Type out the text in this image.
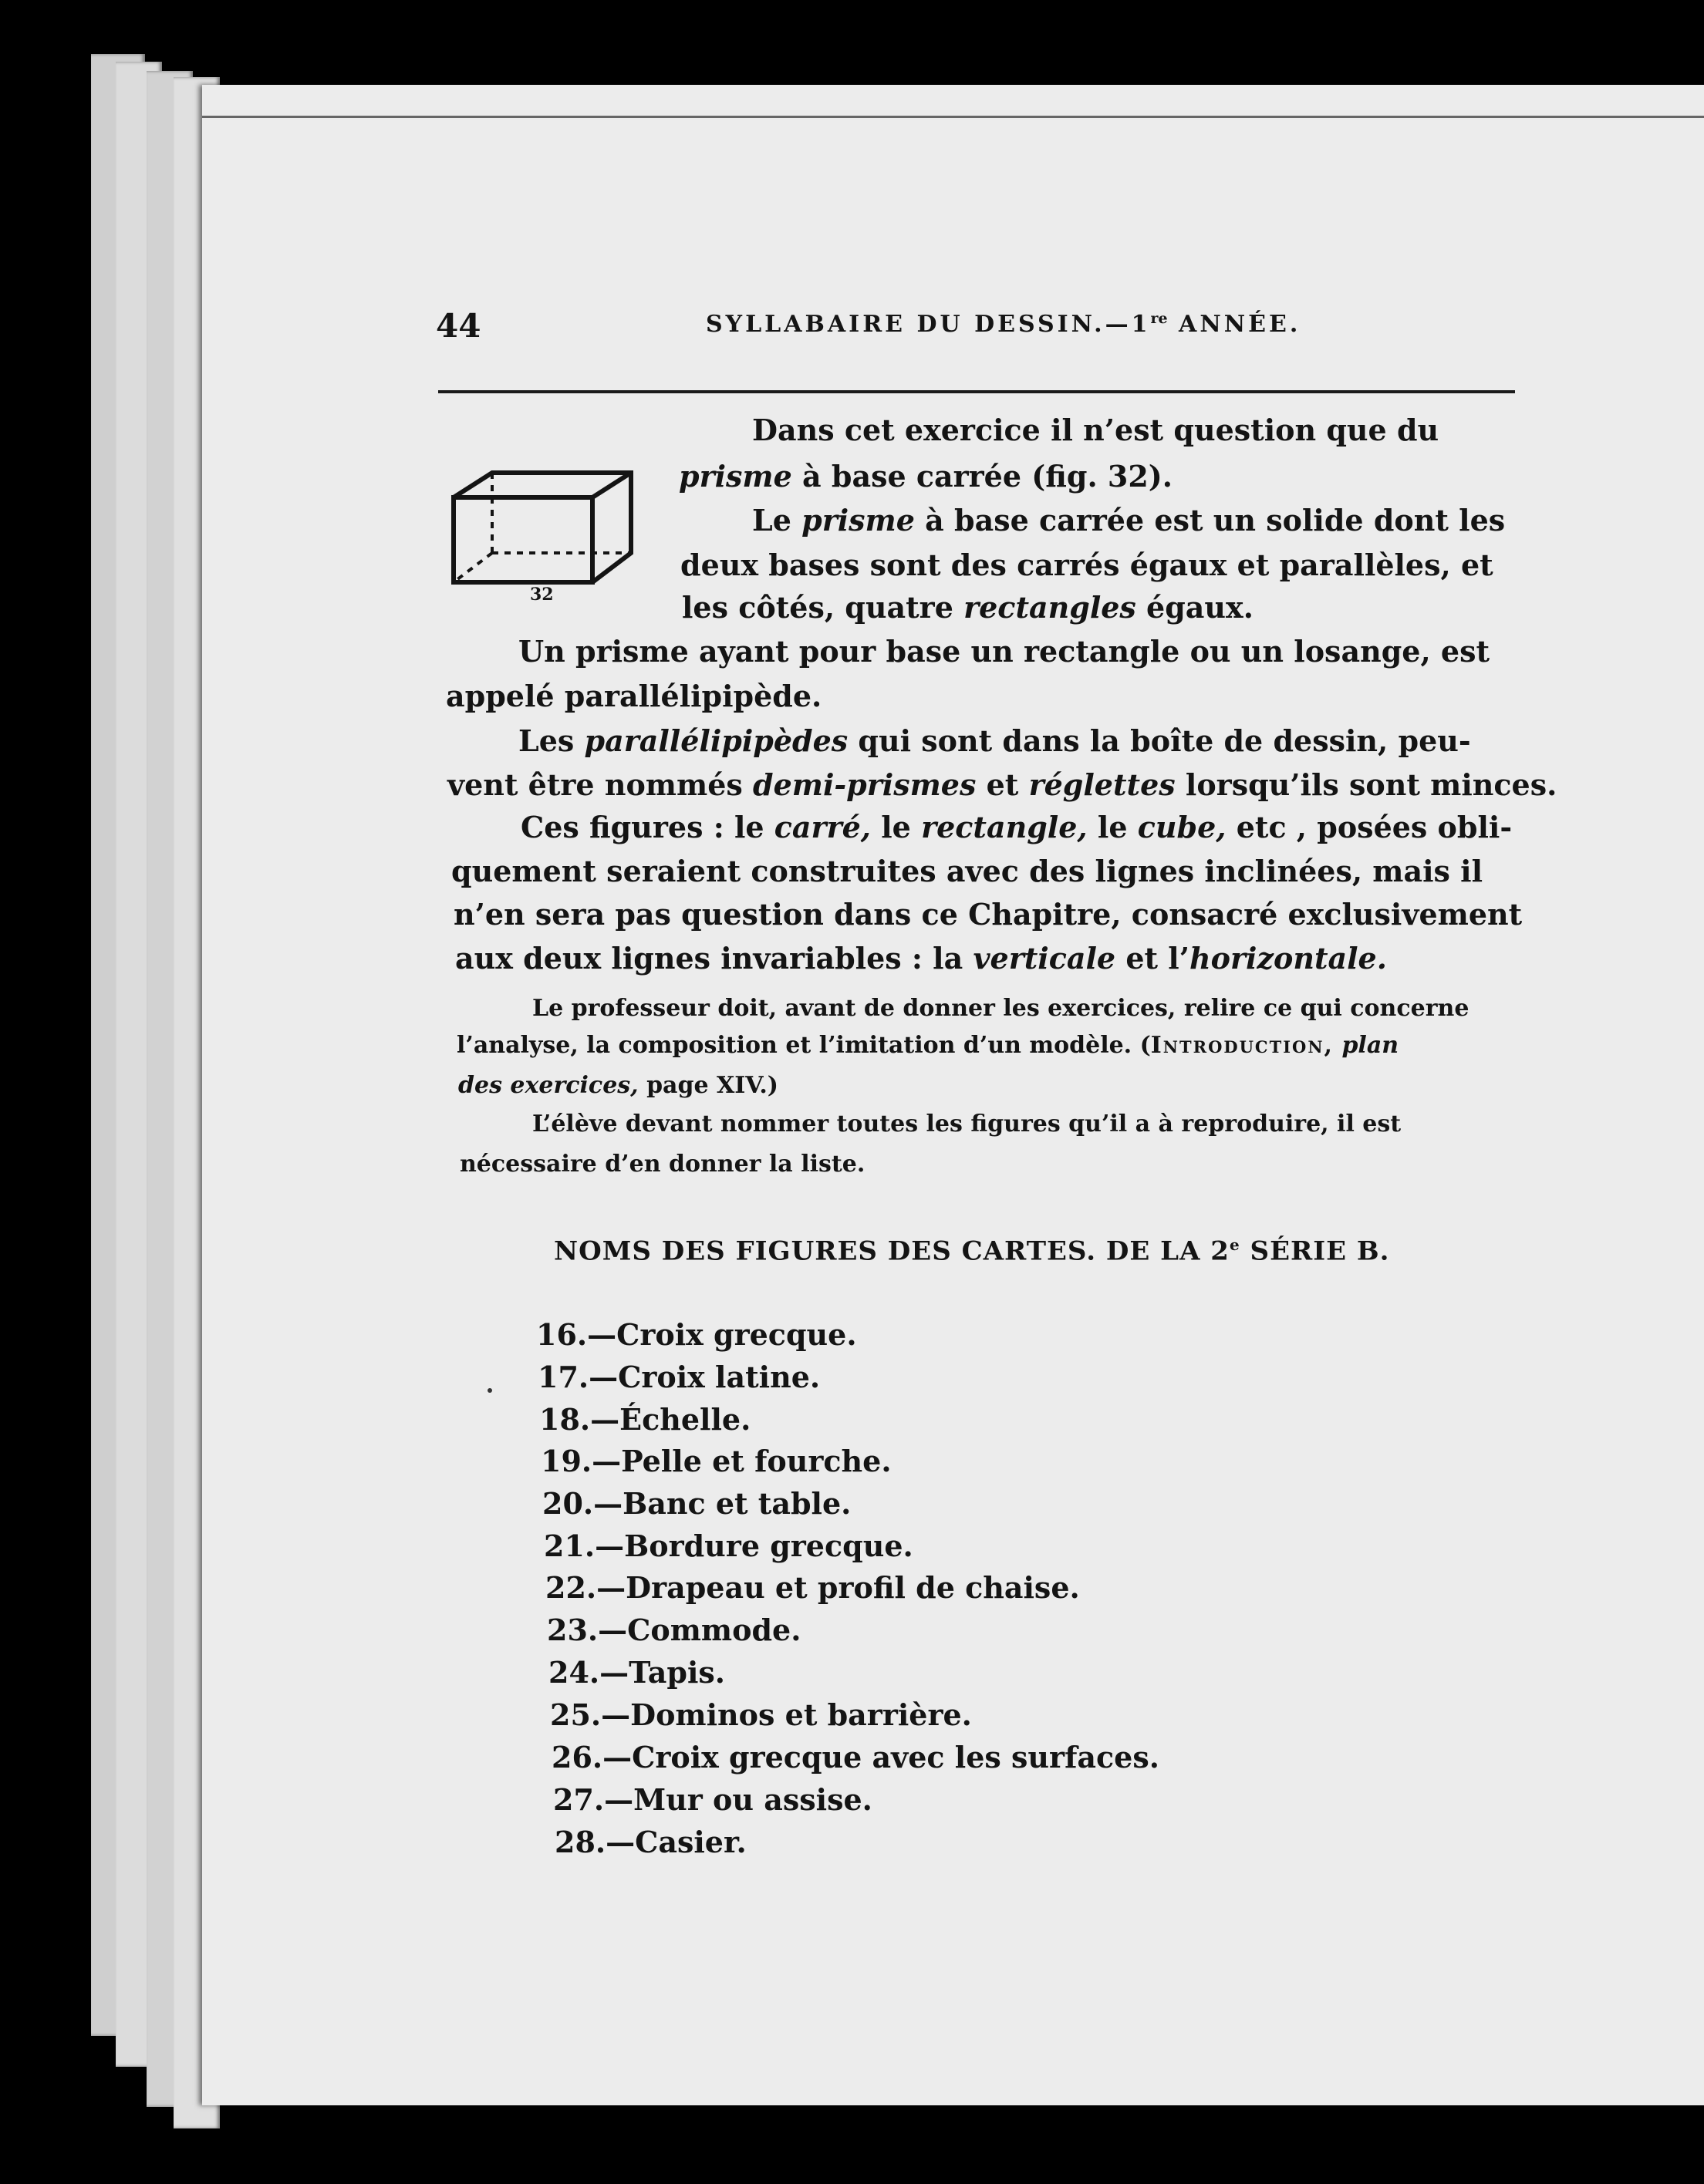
44	SYLLABAIRE DU DESSIN.—1re ANNÉE.
32
Dans cet exercice il n’est question que du
prisme à base carrée (fig. 32).
Le prisme à base carrée est un solide dont les
deux bases sont des carrés égaux et parallèles, et
les côtés, quatre rectangles égaux.
Un prisme ayant pour base un rectangle ou un losange, est
appelé parallélipipède.
Les parallélipipèdes qui sont dans la boîte de dessin, peu-
vent être nommés demi-prismes et réglettes lorsqu’ils sont minces.
Ces figures : le carré, le rectangle, le cube, etc , posées obli-
quement seraient construites avec des lignes inclinées, mais il
n’en sera pas question dans ce Chapitre, consacré exclusivement
aux deux lignes invariables : la verticale et l’horizontale.
Le professeur doit, avant de donner les exercices, relire ce qui concerne
l’analyse, la composition et l’imitation d’un modèle. (Introduction, plan
des exercices, page XIV.)
L’élève devant nommer toutes les figures qu’il a à reproduire, il est
nécessaire d’en donner la liste.
NOMS DES FIGURES DES CARTES. DE LA 2e SÉRIE B.
16.—Croix grecque.
17.—Croix latine.
18.—Échelle.
19.—Pelle et fourche.
20.—Banc et table.
21.—Bordure grecque.
22.—Drapeau et profil de chaise.
23.—Commode.
24.—Tapis.
25.—Dominos et barrière.
26.—Croix grecque avec les surfaces.
27.—Mur ou assise.
28.—Casier.
